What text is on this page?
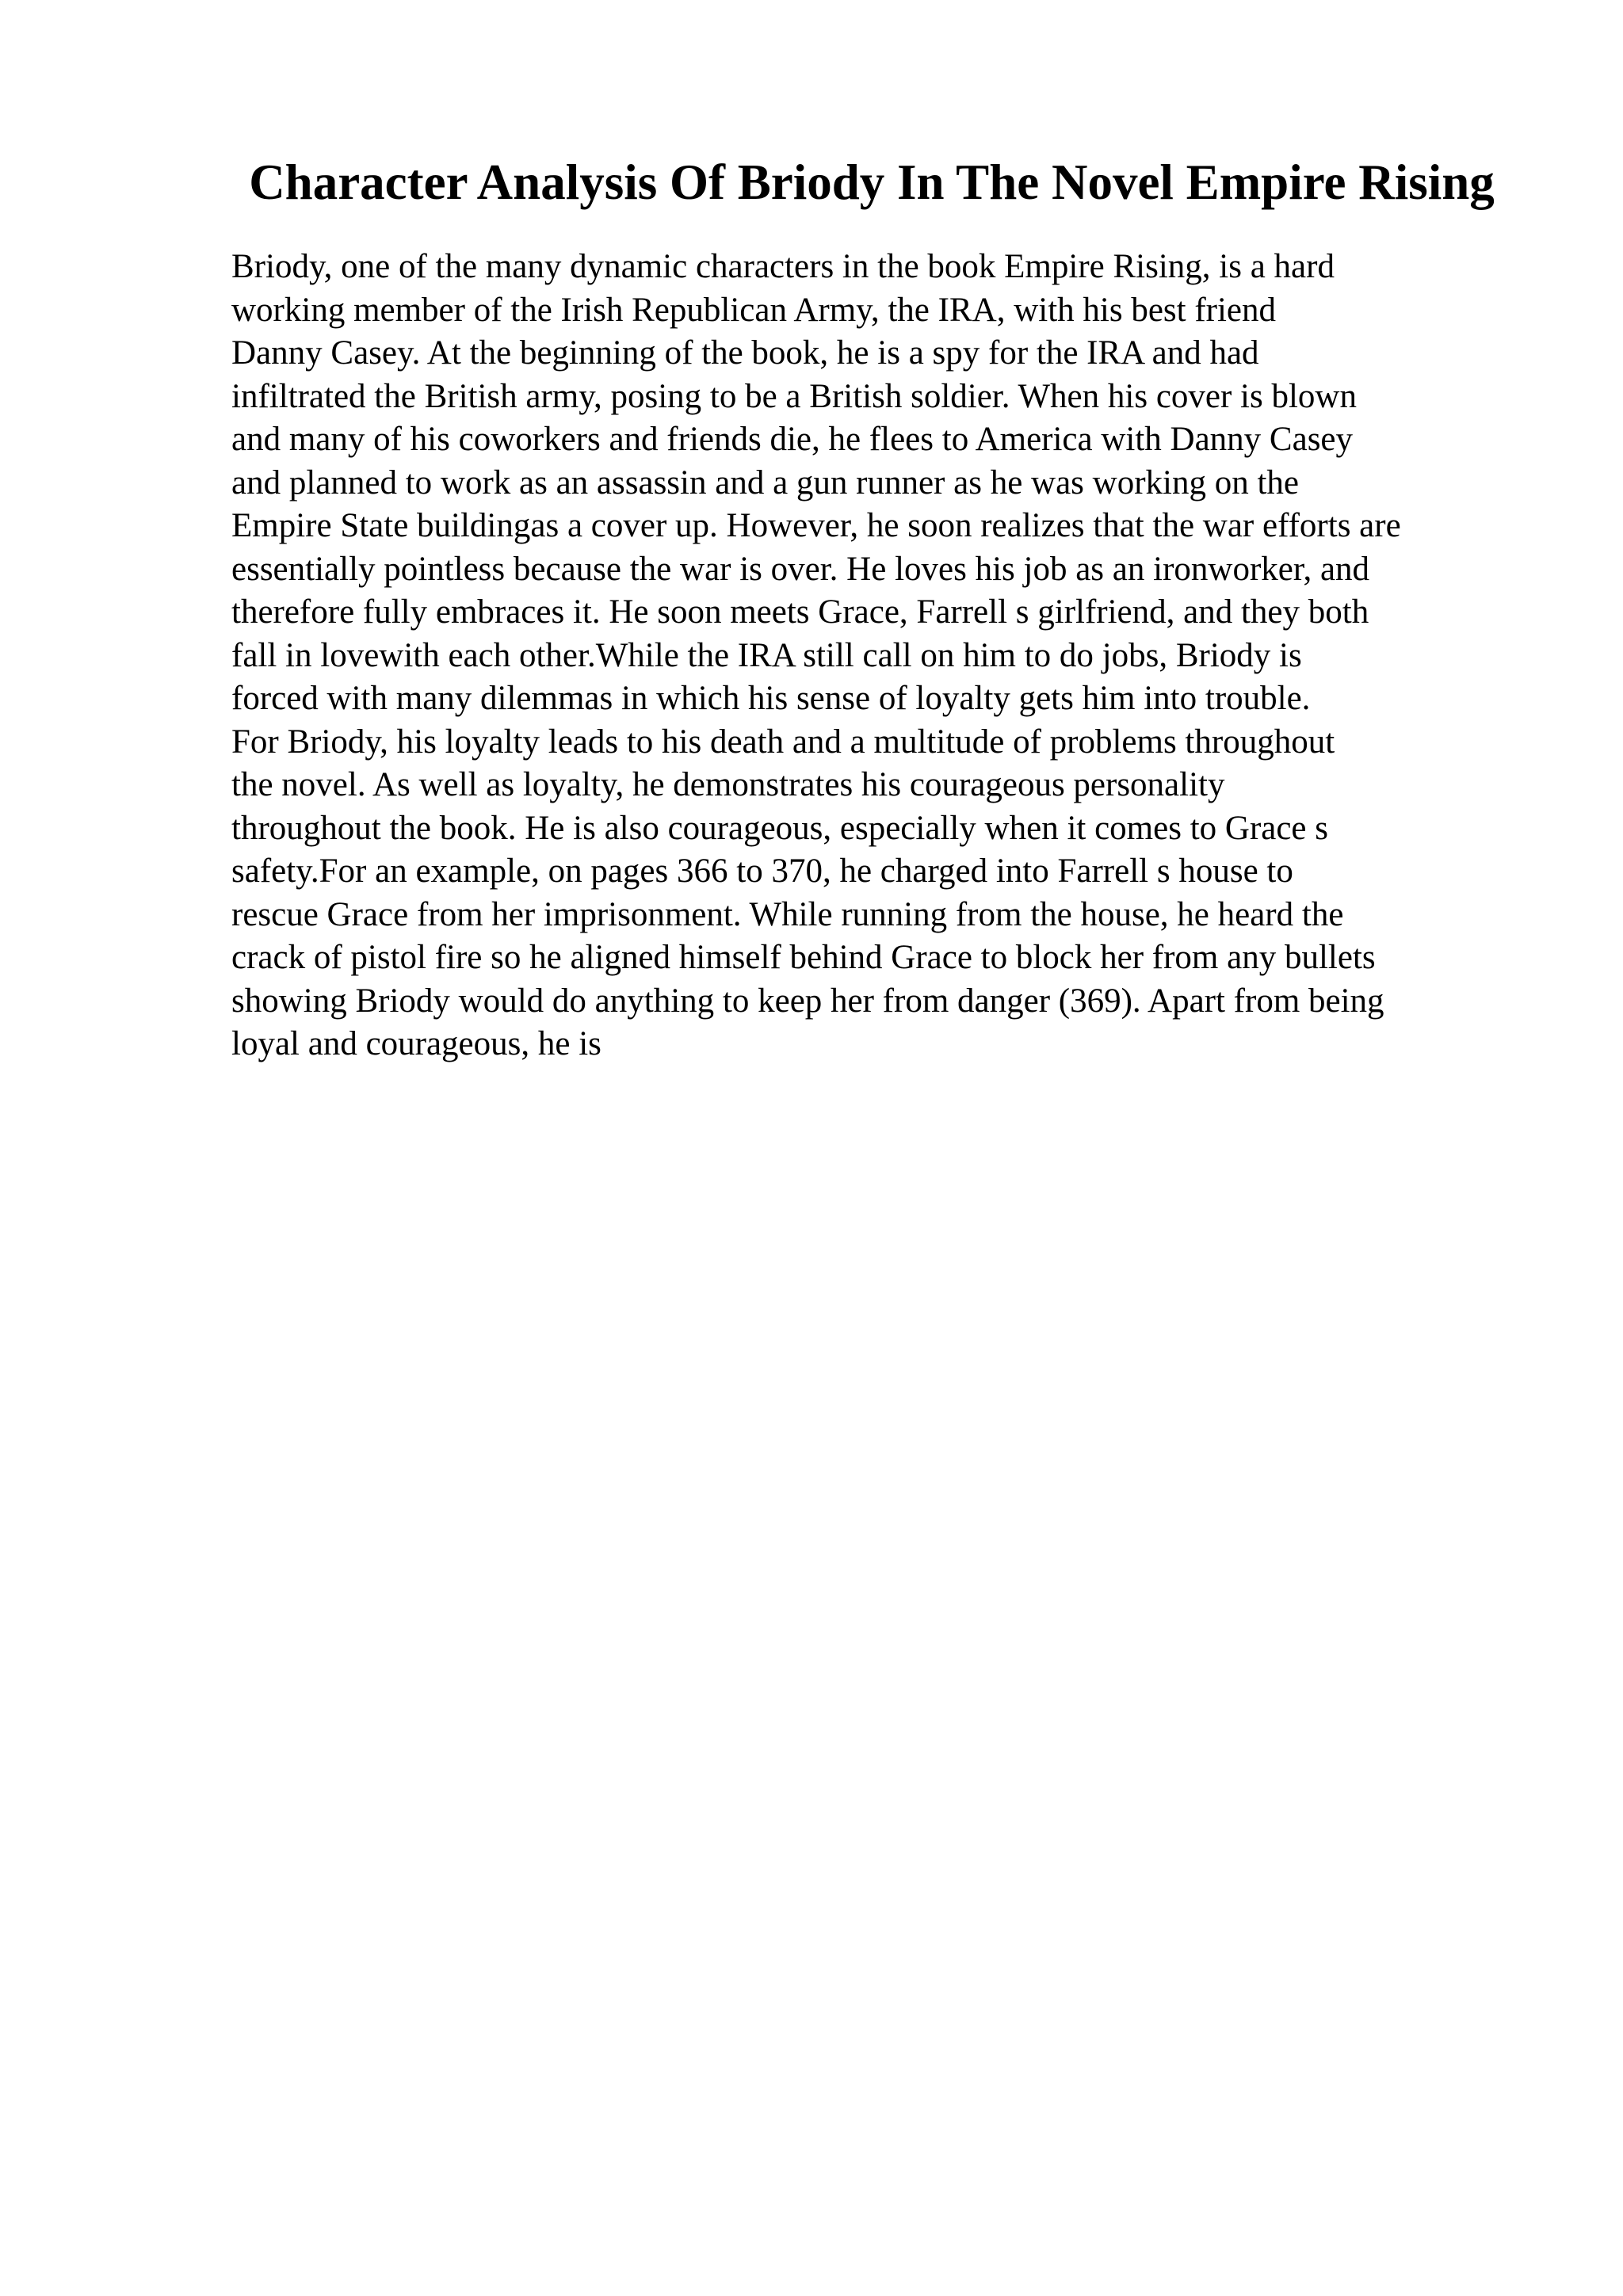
Character Analysis Of Briody In The Novel Empire Rising
Briody, one of the many dynamic characters in the book Empire Rising, is a hard
working member of the Irish Republican Army, the IRA, with his best friend
Danny Casey. At the beginning of the book, he is a spy for the IRA and had
infiltrated the British army, posing to be a British soldier. When his cover is blown
and many of his coworkers and friends die, he flees to America with Danny Casey
and planned to work as an assassin and a gun runner as he was working on the
Empire State buildingas a cover up. However, he soon realizes that the war efforts are
essentially pointless because the war is over. He loves his job as an ironworker, and
therefore fully embraces it. He soon meets Grace, Farrell s girlfriend, and they both
fall in lovewith each other.While the IRA still call on him to do jobs, Briody is
forced with many dilemmas in which his sense of loyalty gets him into trouble.
For Briody, his loyalty leads to his death and a multitude of problems throughout
the novel. As well as loyalty, he demonstrates his courageous personality
throughout the book. He is also courageous, especially when it comes to Grace s
safety.For an example, on pages 366 to 370, he charged into Farrell s house to
rescue Grace from her imprisonment. While running from the house, he heard the
crack of pistol fire so he aligned himself behind Grace to block her from any bullets
showing Briody would do anything to keep her from danger (369). Apart from being
loyal and courageous, he is
